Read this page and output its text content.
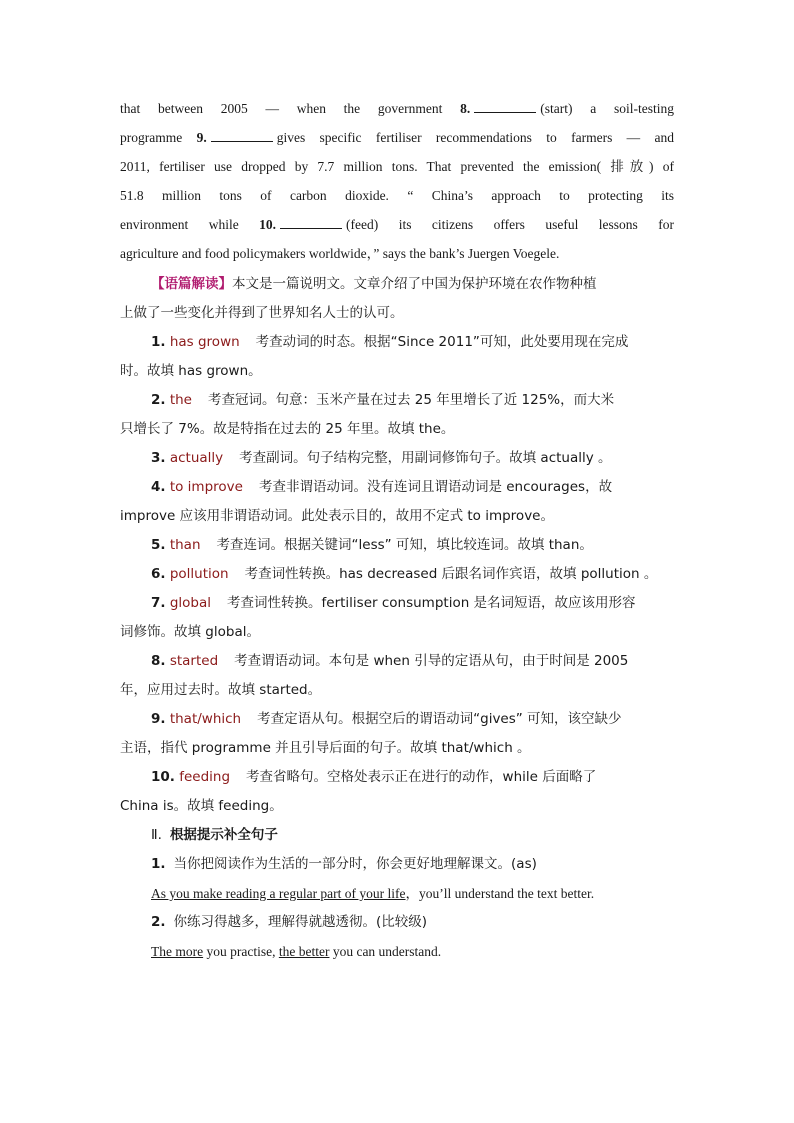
that between 2005 — when the government 8.	(start) a soil-testing
programme 9.	gives specific fertiliser recommendations to farmers — and
2011, fertiliser use dropped by 7.7 million tons. That prevented the emission( 排放) of
51.8 million tons of carbon dioxide. “ China’s approach to protecting its
environment while 10.	(feed) its citizens offers useful lessons for
agriculture and food policymakers worldwide，” says the bank’s Juergen Voegele.
【语篇解读】本文是一篇说明文。文章介绍了中国为保护环境在农作物种植
上做了一些变化并得到了世界知名人士的认可。
1. has grown 考查动词的时态。根据“Since 2011”可知，此处要用现在完成
时。故填 has grown。
2. the 考查冠词。句意：玉米产量在过去 25 年里增长了近 125%，而大米
只增长了 7%。故是特指在过去的 25 年里。故填 the。
3. actually 考查副词。句子结构完整，用副词修饰句子。故填 actually 。
4. to improve 考查非谓语动词。没有连词且谓语动词是 encourages，故
improve 应该用非谓语动词。此处表示目的，故用不定式 to improve。
5. than 考查连词。根据关键词“less” 可知，填比较连词。故填 than。
6. pollution 考查词性转换。has decreased 后跟名词作宾语，故填 pollution 。
7. global 考查词性转换。fertiliser consumption 是名词短语，故应该用形容
词修饰。故填 global。
8. started 考查谓语动词。本句是 when 引导的定语从句，由于时间是 2005
年，应用过去时。故填 started。
9. that/which 考查定语从句。根据空后的谓语动词“gives” 可知，该空缺少
主语，指代 programme 并且引导后面的句子。故填 that/which 。
10. feeding 考查省略句。空格处表示正在进行的动作，while 后面略了
China is。故填 feeding。
Ⅱ. 根据提示补全句子
1. 当你把阅读作为生活的一部分时，你会更好地理解课文。(as)
As you make reading a regular part of your life，you’ll understand the text better.
2. 你练习得越多，理解得就越透彻。(比较级)
The more you practise, the better you can understand.
